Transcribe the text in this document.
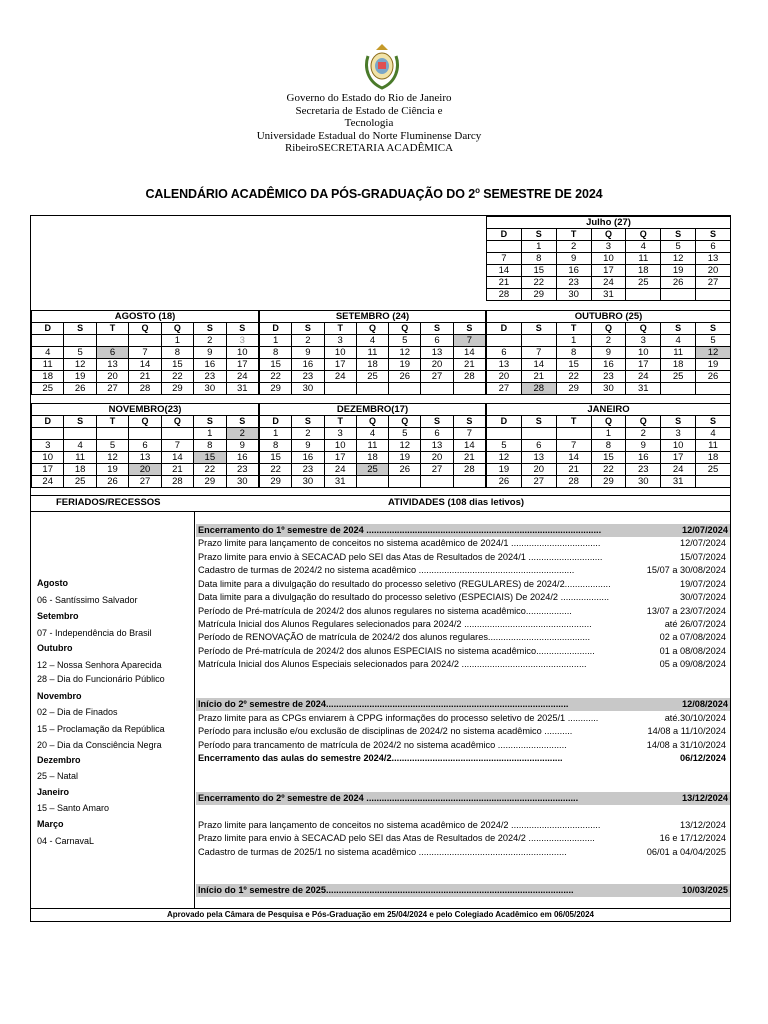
Governo do Estado do Rio de Janeiro
Secretaria de Estado de Ciência e
Tecnologia
Universidade Estadual do Norte Fluminense Darcy
RibeiroSECRETARIA ACADÊMICA
CALENDÁRIO ACADÊMICO DA PÓS-GRADUAÇÃO DO 2$^o$ SEMESTRE DE 2024
Julho (27)						
D	S	T	Q	Q	S	S
	1	2	3	4	5	6
7	8	9	10	11	12	13
14	15	16	17	18	19	20
21	22	23	24	25	26	27
28	29	30	31			
AGOSTO (18)						
D	S	T	Q	Q	S	S
				1	2	3
4	5	6	7	8	9	10
11	12	13	14	15	16	17
18	19	20	21	22	23	24
25	26	27	28	29	30	31
SETEMBRO (24)						
D	S	T	Q	Q	S	S
1	2	3	4	5	6	7
8	9	10	11	12	13	14
15	16	17	18	19	20	21
22	23	24	25	26	27	28
29	30					
OUTUBRO (25)						
D	S	T	Q	Q	S	S
		1	2	3	4	5
6	7	8	9	10	11	12
13	14	15	16	17	18	19
20	21	22	23	24	25	26
27	28	29	30	31		
NOVEMBRO(23)						
D	S	T	Q	Q	S	S
					1	2
3	4	5	6	7	8	9
10	11	12	13	14	15	16
17	18	19	20	21	22	23
24	25	26	27	28	29	30
DEZEMBRO(17)						
D	S	T	Q	Q	S	S
1	2	3	4	5	6	7
8	9	10	11	12	13	14
15	16	17	18	19	20	21
22	23	24	25	26	27	28
29	30	31				
JANEIRO						
D	S	T	Q	Q	S	S
			1	2	3	4
5	6	7	8	9	10	11
12	13	14	15	16	17	18
19	20	21	22	23	24	25
26	27	28	29	30	31	
FERIADOS/RECESSOS	ATIVIDADES (108 dias letivos)
Agosto
06 - Santíssimo Salvador
Setembro
07 - Independência do Brasil
Outubro
12 – Nossa Senhora Aparecida
28 – Dia do Funcionário Público
Novembro
02 – Dia de Finados
15 – Proclamação da República
20 – Dia da Consciência Negra
Dezembro
25 – Natal
Janeiro
15 – Santo Amaro
Março
04 - CarnavaL
Encerramento do 1º semestre de 2024 ............................................................................................	12/07/2024
Prazo limite para lançamento de conceitos no sistema acadêmico de 2024/1 ...................................	12/07/2024
Prazo limite para envio à SECACAD pelo SEI das Atas de Resultados de 2024/1 .............................	15/07/2024
Cadastro de turmas de 2024/2 no sistema acadêmico .............................................................	15/07 a 30/08/2024
Data limite para a divulgação do resultado do processo seletivo (REGULARES) de 2024/2..................	19/07/2024
Data limite para a divulgação do resultado do processo seletivo (ESPECIAIS) De 2024/2 ...................	30/07/2024
Período de Pré-matrícula de 2024/2 dos alunos regulares no sistema acadêmico..................	13/07 a 23/07/2024
Matrícula Inicial dos Alunos Regulares selecionados para 2024/2 ..................................................	até 26/07/2024
Período de RENOVAÇÃO de matrícula de 2024/2 dos alunos regulares........................................	02 a 07/08/2024
Período de Pré-matrícula de 2024/2 dos alunos ESPECIAIS no sistema acadêmico.......................	01 a 08/08/2024
Matrícula Inicial dos Alunos Especiais selecionados para 2024/2 .................................................	05 a 09/08/2024
Início do 2º semestre de 2024...............................................................................................	12/08/2024
Prazo limite para as CPGs enviarem à CPPG informações do processo seletivo de 2025/1 ............	até.30/10/2024
Período para inclusão e/ou exclusão de disciplinas de 2024/2 no sistema acadêmico ...........	14/08 a 11/10/2024
Período para trancamento de matrícula de 2024/2 no sistema acadêmico ...........................	14/08 a 31/10/2024
Encerramento das aulas do semestre 2024/2...................................................................	06/12/2024
Encerramento do 2º semestre de 2024 ...................................................................................	13/12/2024
Prazo limite para lançamento de conceitos no sistema acadêmico de 2024/2 ...................................	13/12/2024
Prazo limite para envio à SECACAD pelo SEI das Atas de Resultados de 2024/2 ..........................	16 e 17/12/2024
Cadastro de turmas de 2025/1 no sistema acadêmico ..........................................................	06/01 a 04/04/2025
Início do 1º semestre de 2025.................................................................................................	10/03/2025
Aprovado pela Câmara de Pesquisa e Pós-Graduação em 25/04/2024 e pelo Colegiado Acadêmico em 06/05/2024
